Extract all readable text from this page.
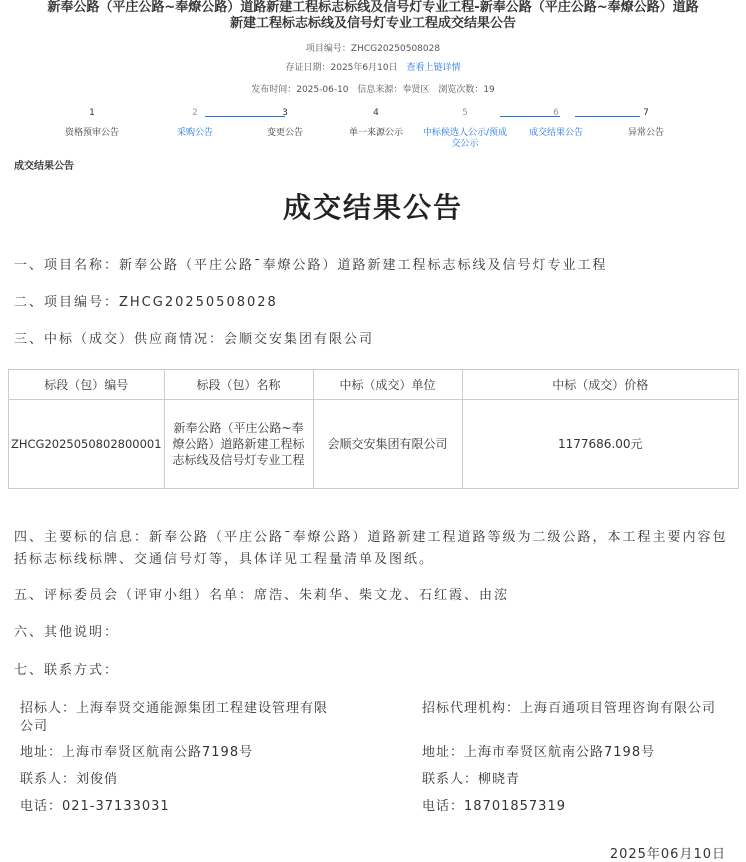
新奉公路（平庄公路~奉燎公路）道路新建工程标志标线及信号灯专业工程-新奉公路（平庄公路~奉燎公路）道路
新建工程标志标线及信号灯专业工程成交结果公告
项目编号：ZHCG20250508028
存证日期：2025年6月10日 查看上链详情
发布时间：2025-06-10 信息来源：奉贤区 浏览次数：19
1
资格预审公告
2
采购公告
3
变更公告
4
单一来源公示
5
中标候选人公示/预成交公示
6
成交结果公告
7
异常公告
成交结果公告
成交结果公告
一、项目名称：新奉公路（平庄公路¯奉燎公路）道路新建工程标志标线及信号灯专业工程
二、项目编号：ZHCG20250508028
三、中标（成交）供应商情况：会顺交安集团有限公司
标段（包）编号	标段（包）名称	中标（成交）单位	中标（成交）价格
ZHCG2025050802800001	新奉公路（平庄公路~奉燎公路）道路新建工程标志标线及信号灯专业工程	会顺交安集团有限公司	1177686.00元
四、主要标的信息：新奉公路（平庄公路¯奉燎公路）道路新建工程道路等级为二级公路，本工程主要内容包括标志标线标牌、交通信号灯等，具体详见工程量清单及图纸。
五、评标委员会（评审小组）名单：席浩、朱莉华、柴文龙、石红霞、由浤
六、其他说明：
七、联系方式：
招标人：上海奉贤交通能源集团工程建设管理有限公司
地址：上海市奉贤区航南公路7198号
联系人：刘俊俏
电话：021-37133031
招标代理机构：上海百通项目管理咨询有限公司
地址：上海市奉贤区航南公路7198号
联系人：柳晓青
电话：18701857319
2025年06月10日
